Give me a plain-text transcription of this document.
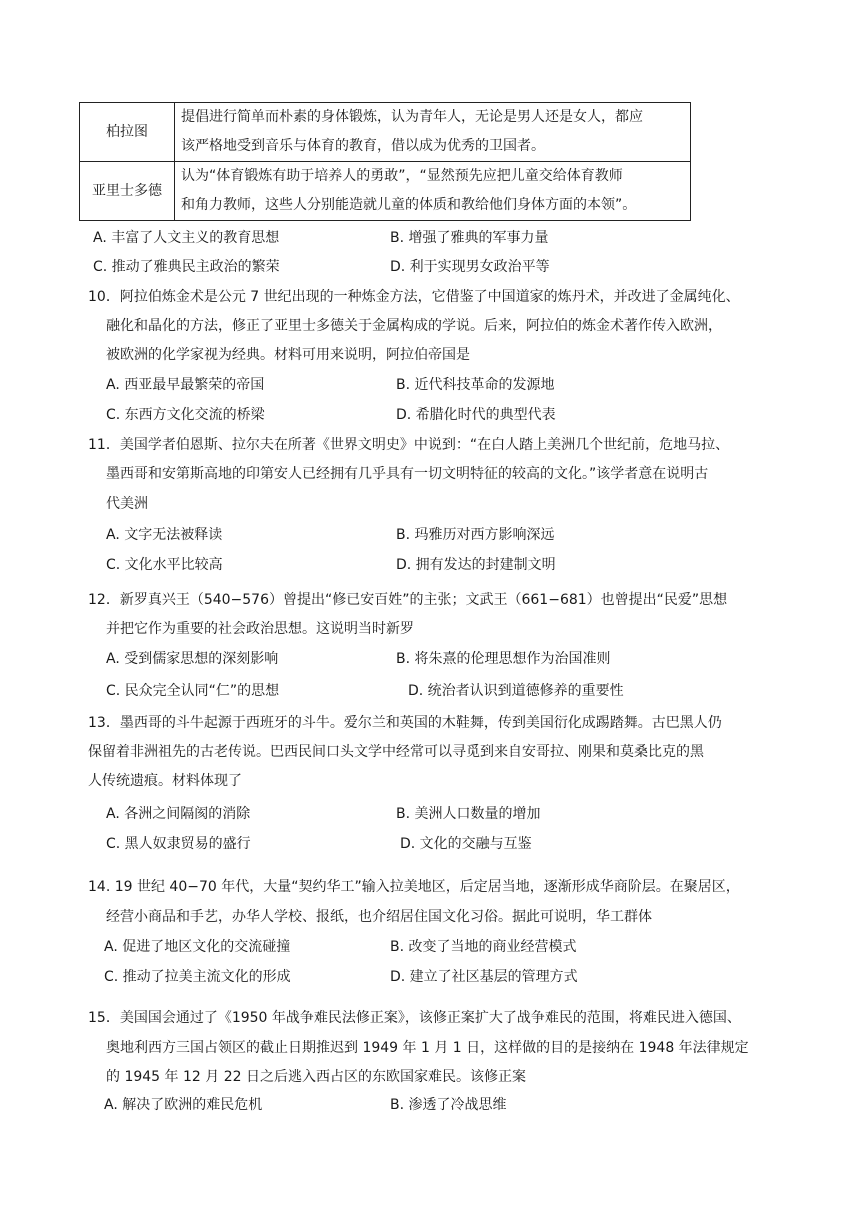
柏拉图	提倡进行简单而朴素的身体锻炼，认为青年人，无论是男人还是女人，都应
该严格地受到音乐与体育的教育，借以成为优秀的卫国者。

亚里士多德	认为“体育锻炼有助于培养人的勇敢”，“显然预先应把儿童交给体育教师
和角力教师，这些人分别能造就儿童的体质和教给他们身体方面的本领”。
A. 丰富了人文主义的教育思想	B. 增强了雅典的军事力量
C. 推动了雅典民主政治的繁荣	D. 利于实现男女政治平等
10．阿拉伯炼金术是公元 7 世纪出现的一种炼金方法，它借鉴了中国道家的炼丹术，并改进了金属纯化、
融化和晶化的方法，修正了亚里士多德关于金属构成的学说。后来，阿拉伯的炼金术著作传入欧洲，
被欧洲的化学家视为经典。材料可用来说明，阿拉伯帝国是
A. 西亚最早最繁荣的帝国	B. 近代科技革命的发源地
C. 东西方文化交流的桥梁	D. 希腊化时代的典型代表
11．美国学者伯恩斯、拉尔夫在所著《世界文明史》中说到：“在白人踏上美洲几个世纪前，危地马拉、
墨西哥和安第斯高地的印第安人已经拥有几乎具有一切文明特征的较高的文化。”该学者意在说明古
代美洲
A. 文字无法被释读	B. 玛雅历对西方影响深远
C. 文化水平比较高	D. 拥有发达的封建制文明
12．新罗真兴王（540−576）曾提出“修已安百姓”的主张；文武王（661−681）也曾提出“民爱”思想
并把它作为重要的社会政治思想。这说明当时新罗
A. 受到儒家思想的深刻影响	B. 将朱熹的伦理思想作为治国准则
C. 民众完全认同“仁”的思想	D. 统治者认识到道德修养的重要性
13．墨西哥的斗牛起源于西班牙的斗牛。爱尔兰和英国的木鞋舞，传到美国衍化成踢踏舞。古巴黑人仍
保留着非洲祖先的古老传说。巴西民间口头文学中经常可以寻觅到来自安哥拉、刚果和莫桑比克的黑
人传统遗痕。材料体现了
A. 各洲之间隔阂的消除	B. 美洲人口数量的增加
C. 黑人奴隶贸易的盛行	D. 文化的交融与互鉴
14. 19 世纪 40−70 年代，大量“契约华工”输入拉美地区，后定居当地，逐渐形成华商阶层。在聚居区，
经营小商品和手艺，办华人学校、报纸，也介绍居住国文化习俗。据此可说明，华工群体
A. 促进了地区文化的交流碰撞	B. 改变了当地的商业经营模式
C. 推动了拉美主流文化的形成	D. 建立了社区基层的管理方式
15．美国国会通过了《1950 年战争难民法修正案》，该修正案扩大了战争难民的范围，将难民进入德国、
奥地利西方三国占领区的截止日期推迟到 1949 年 1 月 1 日，这样做的目的是接纳在 1948 年法律规定
的 1945 年 12 月 22 日之后逃入西占区的东欧国家难民。该修正案
A. 解决了欧洲的难民危机	B. 渗透了冷战思维
